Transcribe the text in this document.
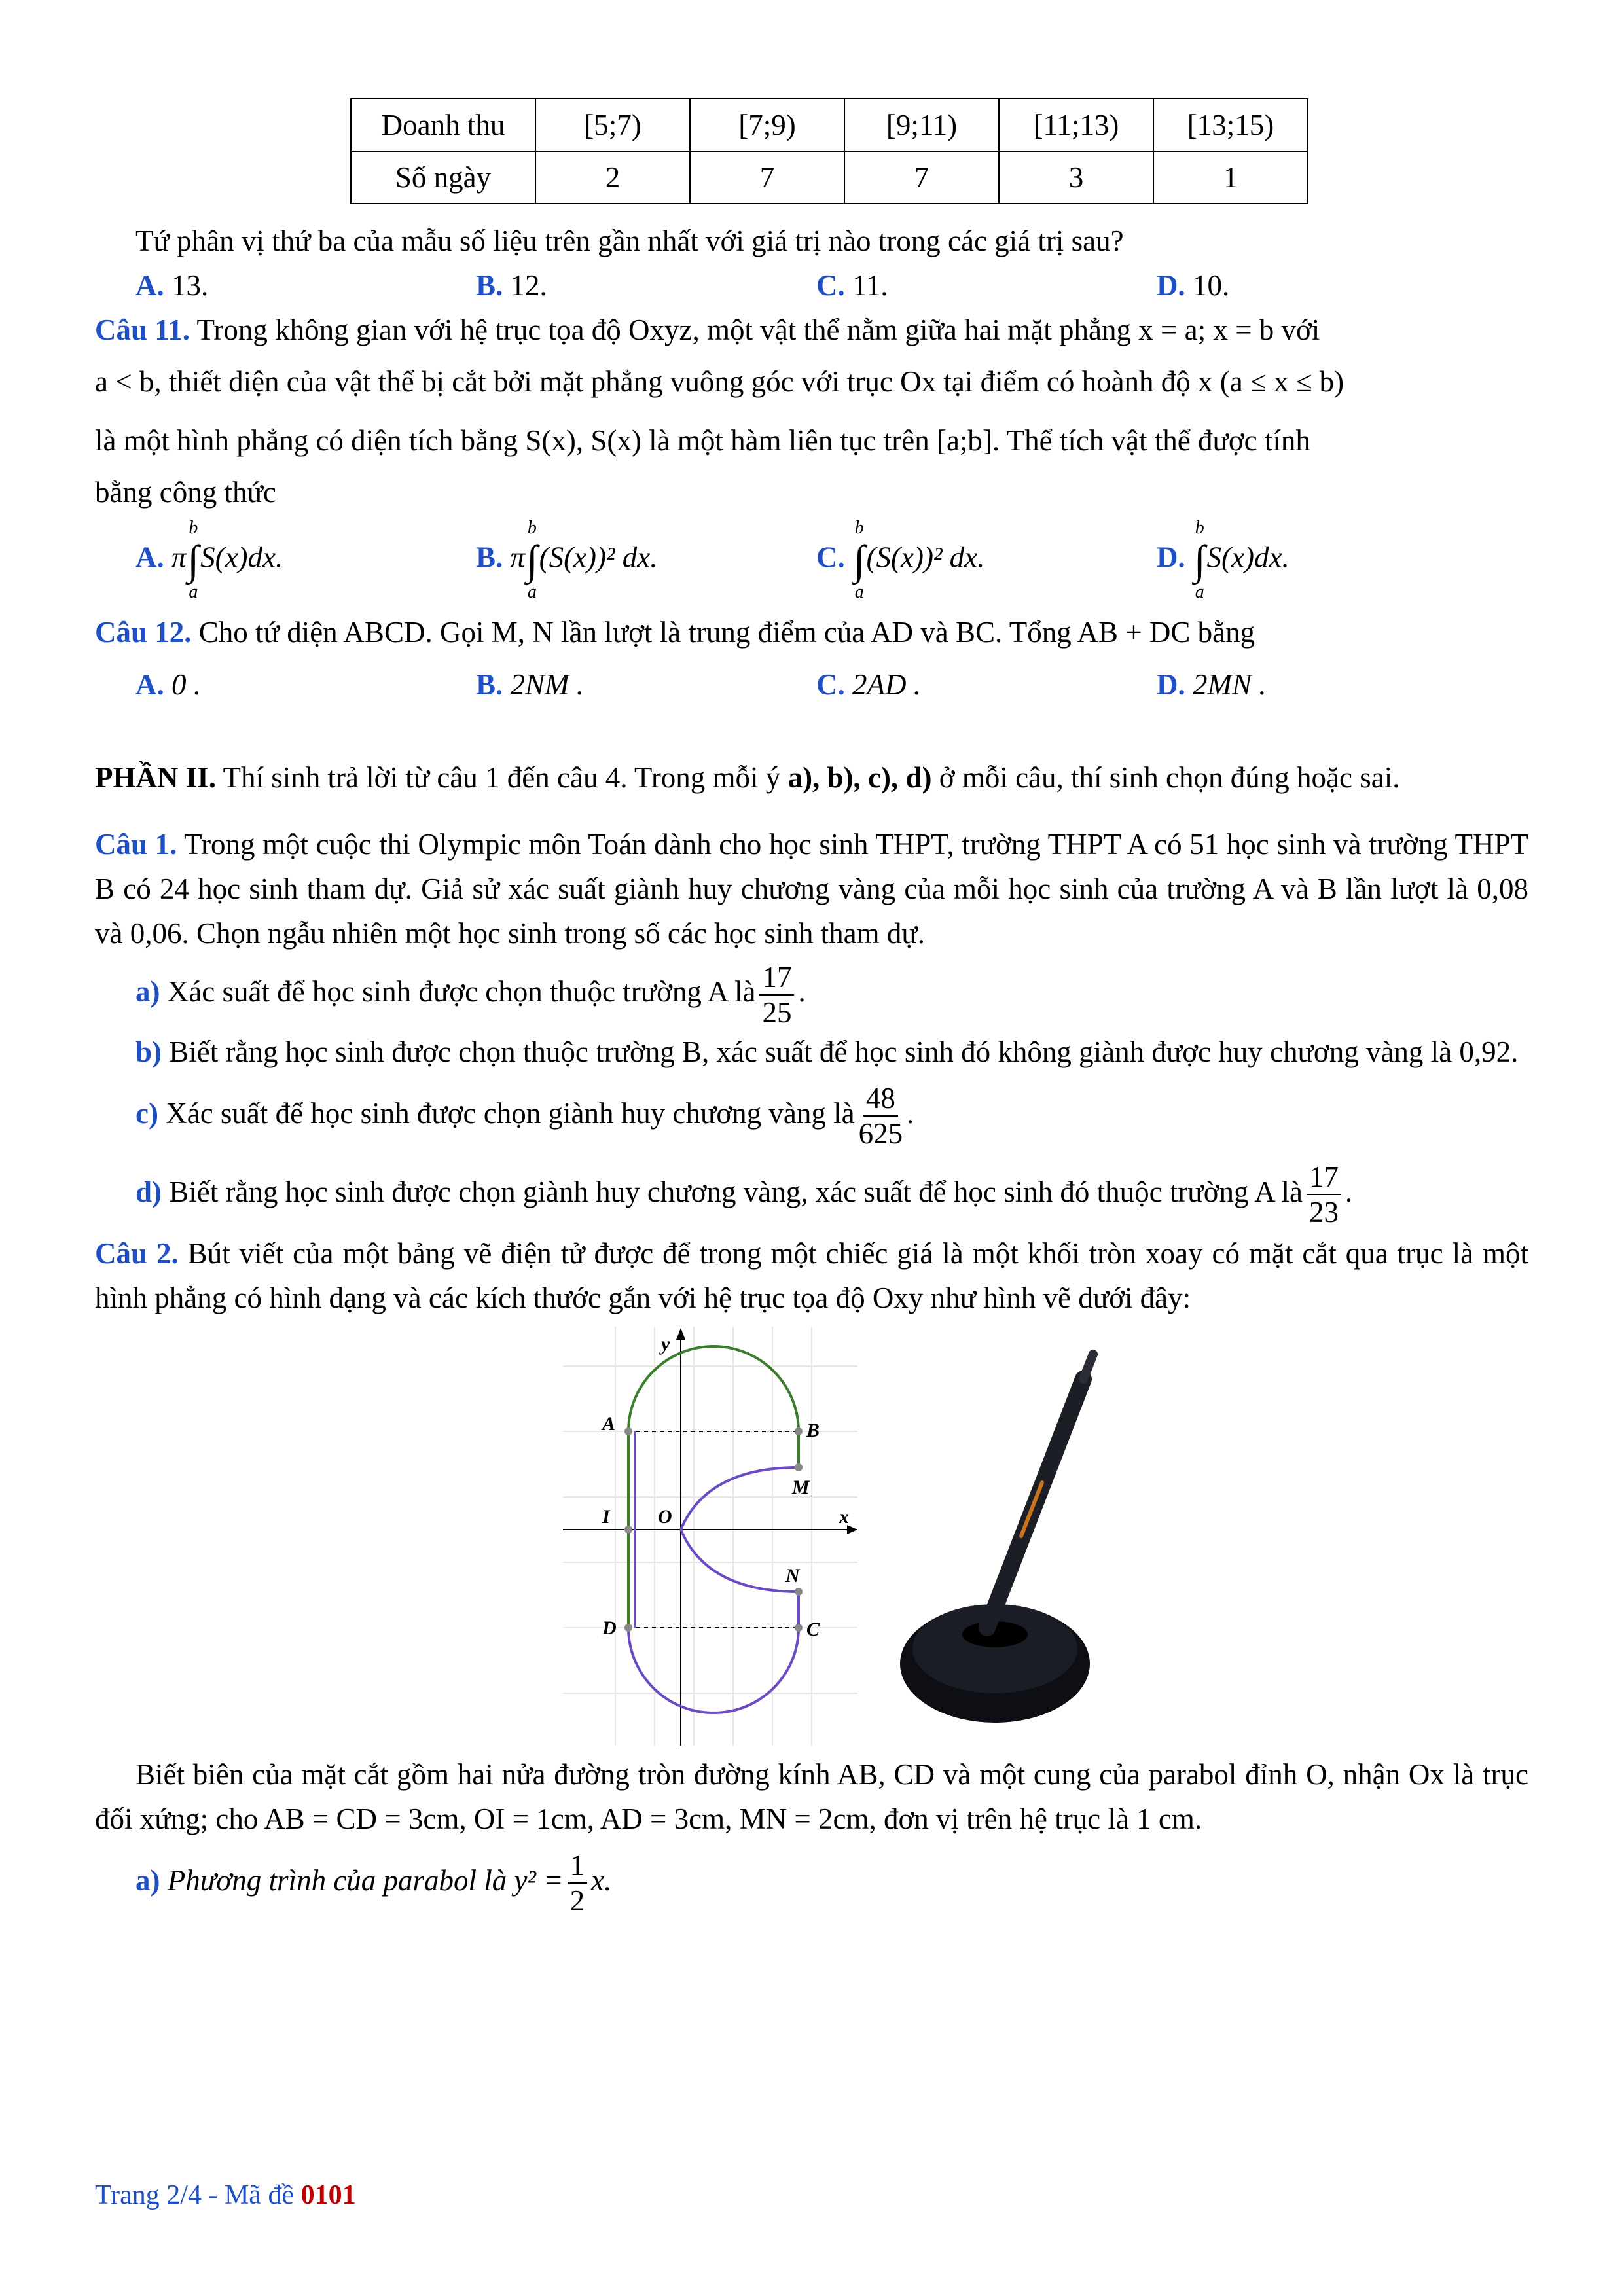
Doanh thu	[5;7)	[7;9)	[9;11)	[11;13)	[13;15)
Số ngày	2	7	7	3	1

Tứ phân vị thứ ba của mẫu số liệu trên gần nhất với giá trị nào trong các giá trị sau?

A. 13.	B. 12.	C. 11.	D. 10.

Câu 11. Trong không gian với hệ trục tọa độ Oxyz, một vật thể nằm giữa hai mặt phẳng x = a; x = b với

a < b, thiết diện của vật thể bị cắt bởi mặt phẳng vuông góc với trục Ox tại điểm có hoành độ x (a ≤ x ≤ b)

là một hình phẳng có diện tích bằng S(x), S(x) là một hàm liên tục trên [a;b]. Thể tích vật thể được tính

bằng công thức

A. π
b
∫
a
S(x)dx.	B. π
b
∫
a
(S(x))² dx.	C.
b
∫
a
(S(x))² dx.	D.
b
∫
a
S(x)dx.

Câu 12. Cho tứ diện ABCD. Gọi M, N lần lượt là trung điểm của AD và BC. Tổng AB + DC bằng

A. 0 .	B. 2NM .	C. 2AD .	D. 2MN .

PHẦN II. Thí sinh trả lời từ câu 1 đến câu 4. Trong mỗi ý a), b), c), d) ở mỗi câu, thí sinh chọn đúng hoặc sai.

Câu 1. Trong một cuộc thi Olympic môn Toán dành cho học sinh THPT, trường THPT A có 51 học sinh và trường THPT B có 24 học sinh tham dự. Giả sử xác suất giành huy chương vàng của mỗi học sinh của trường A và B lần lượt là 0,08 và 0,06. Chọn ngẫu nhiên một học sinh trong số các học sinh tham dự.

a) Xác suất để học sinh được chọn thuộc trường A là $\frac{17}{25}$ .

b) Biết rằng học sinh được chọn thuộc trường B, xác suất để học sinh đó không giành được huy chương vàng là 0,92.

c) Xác suất để học sinh được chọn giành huy chương vàng là $\frac{48}{625}$ .

d) Biết rằng học sinh được chọn giành huy chương vàng, xác suất để học sinh đó thuộc trường A là $\frac{17}{23}$ .

Câu 2. Bút viết của một bảng vẽ điện tử được để trong một chiếc giá là một khối tròn xoay có mặt cắt qua trục là một hình phẳng có hình dạng và các kích thước gắn với hệ trục tọa độ Oxy như hình vẽ dưới đây:

y
x
A	B
M
I O
N
D	C

Biết biên của mặt cắt gồm hai nửa đường tròn đường kính AB, CD và một cung của parabol đỉnh O, nhận Ox là trục đối xứng; cho AB = CD = 3cm, OI = 1cm, AD = 3cm, MN = 2cm, đơn vị trên hệ trục là 1 cm.

a) Phương trình của parabol là $y^2 = \frac{1}{2} x$.

Trang 2/4 - Mã đề 0101
